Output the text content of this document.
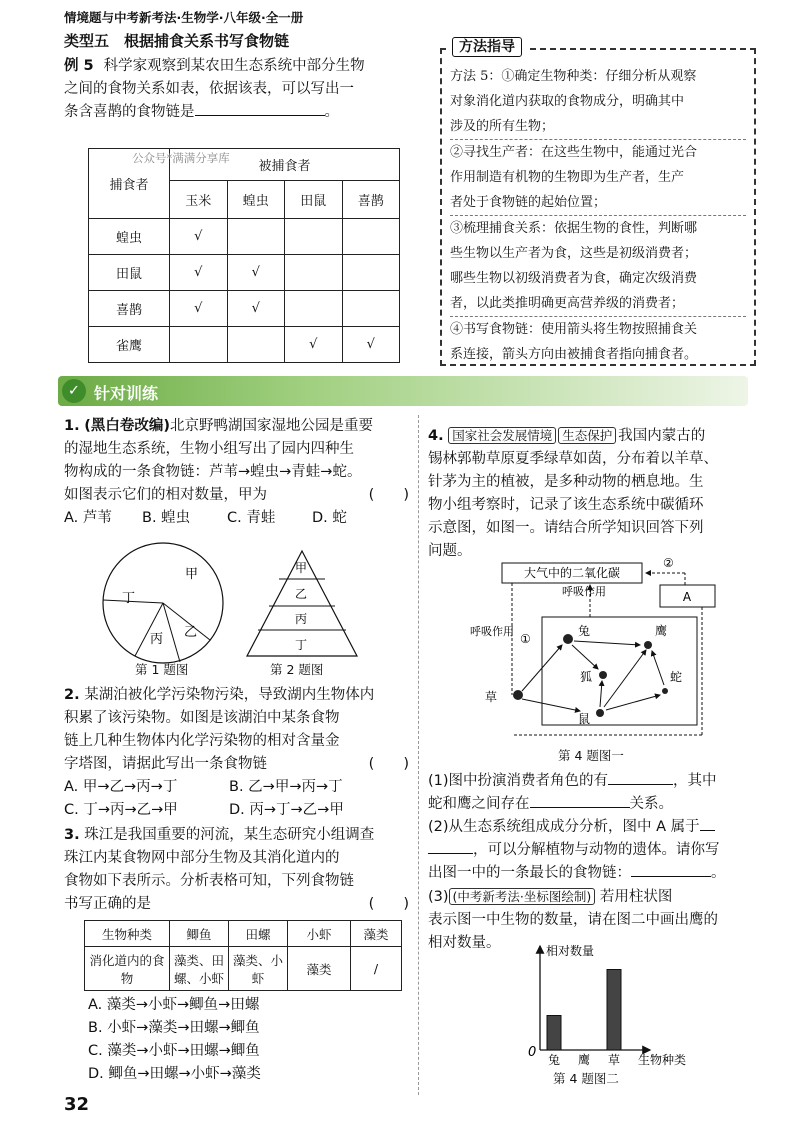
情境题与中考新考法·生物学·八年级·全一册
类型五　根据捕食关系书写食物链
例 5 科学家观察到某农田生态系统中部分生物
之间的食物关系如表，依据该表，可以写出一
条含喜鹊的食物链是	。
捕食者	被捕食者
公众号*满满分享库			

	玉米	蝗虫	田鼠	喜鹊
蝗虫	√			
田鼠	√	√		
喜鹊	√	√		
雀鹰			√	√
方法指导
方法 5：①确定生物种类：仔细分析从观察
对象消化道内获取的食物成分，明确其中
涉及的所有生物；
②寻找生产者：在这些生物中，能通过光合
作用制造有机物的生物即为生产者，生产
者处于食物链的起始位置；
③梳理捕食关系：依据生物的食性，判断哪
些生物以生产者为食，这些是初级消费者；
哪些生物以初级消费者为食，确定次级消费
者，以此类推明确更高营养级的消费者；
④书写食物链：使用箭头将生物按照捕食关
系连接，箭头方向由被捕食者指向捕食者。
✓ 针对训练
1. (黑白卷改编)北京野鸭湖国家湿地公园是重要
的湿地生态系统，生物小组写出了园内四种生
物构成的一条食物链：芦苇→蝗虫→青蛙→蛇。
如图表示它们的相对数量，甲为	(　　)
A. 芦苇 B. 蝗虫	C. 青蛙	D. 蛇
甲
丁
丙 乙
第 1 题图
甲
乙
丙
丁
第 2 题图
2. 某湖泊被化学污染物污染，导致湖内生物体内
积累了该污染物。如图是该湖泊中某条食物
链上几种生物体内化学污染物的相对含量金
字塔图，请据此写出一条食物链	(　　)
A. 甲→乙→丙→丁	B. 乙→甲→丙→丁
C. 丁→丙→乙→甲	D. 丙→丁→乙→甲
3. 珠江是我国重要的河流，某生态研究小组调查
珠江内某食物网中部分生物及其消化道内的
食物如下表所示。分析表格可知，下列食物链
书写正确的是	(　　)
生物种类	鲫鱼	田螺	小虾	藻类
消化道内的食物	藻类、田螺、小虾	藻类、小虾	藻类	/
A. 藻类→小虾→鲫鱼→田螺
B. 小虾→藻类→田螺→鲫鱼
C. 藻类→小虾→田螺→鲫鱼
D. 鲫鱼→田螺→小虾→藻类
4. 国家社会发展情境 生态保护 我国内蒙古的
锡林郭勒草原夏季绿草如茵，分布着以羊草、
针茅为主的植被，是多种动物的栖息地。生
物小组考察时，记录了该生态系统中碳循环
示意图，如图一。请结合所学知识回答下列
问题。
大气中的二氧化碳
A
②
①
呼吸作用
呼吸作用
兔	鹰
狐	蛇
鼠
草
第 4 题图一
(1)图中扮演消费者角色的有	，其中
蛇和鹰之间存在	关系。
(2)从生态系统组成成分分析，图中 A 属于
，可以分解植物与动物的遗体。请你写
出图一中的一条最长的食物链：	。
(3) (中考新考法·坐标图绘制) 若用柱状图
表示图一中生物的数量，请在图二中画出鹰的
相对数量。	相对数量
0 兔 鹰 草 生物种类
第 4 题图二
32
